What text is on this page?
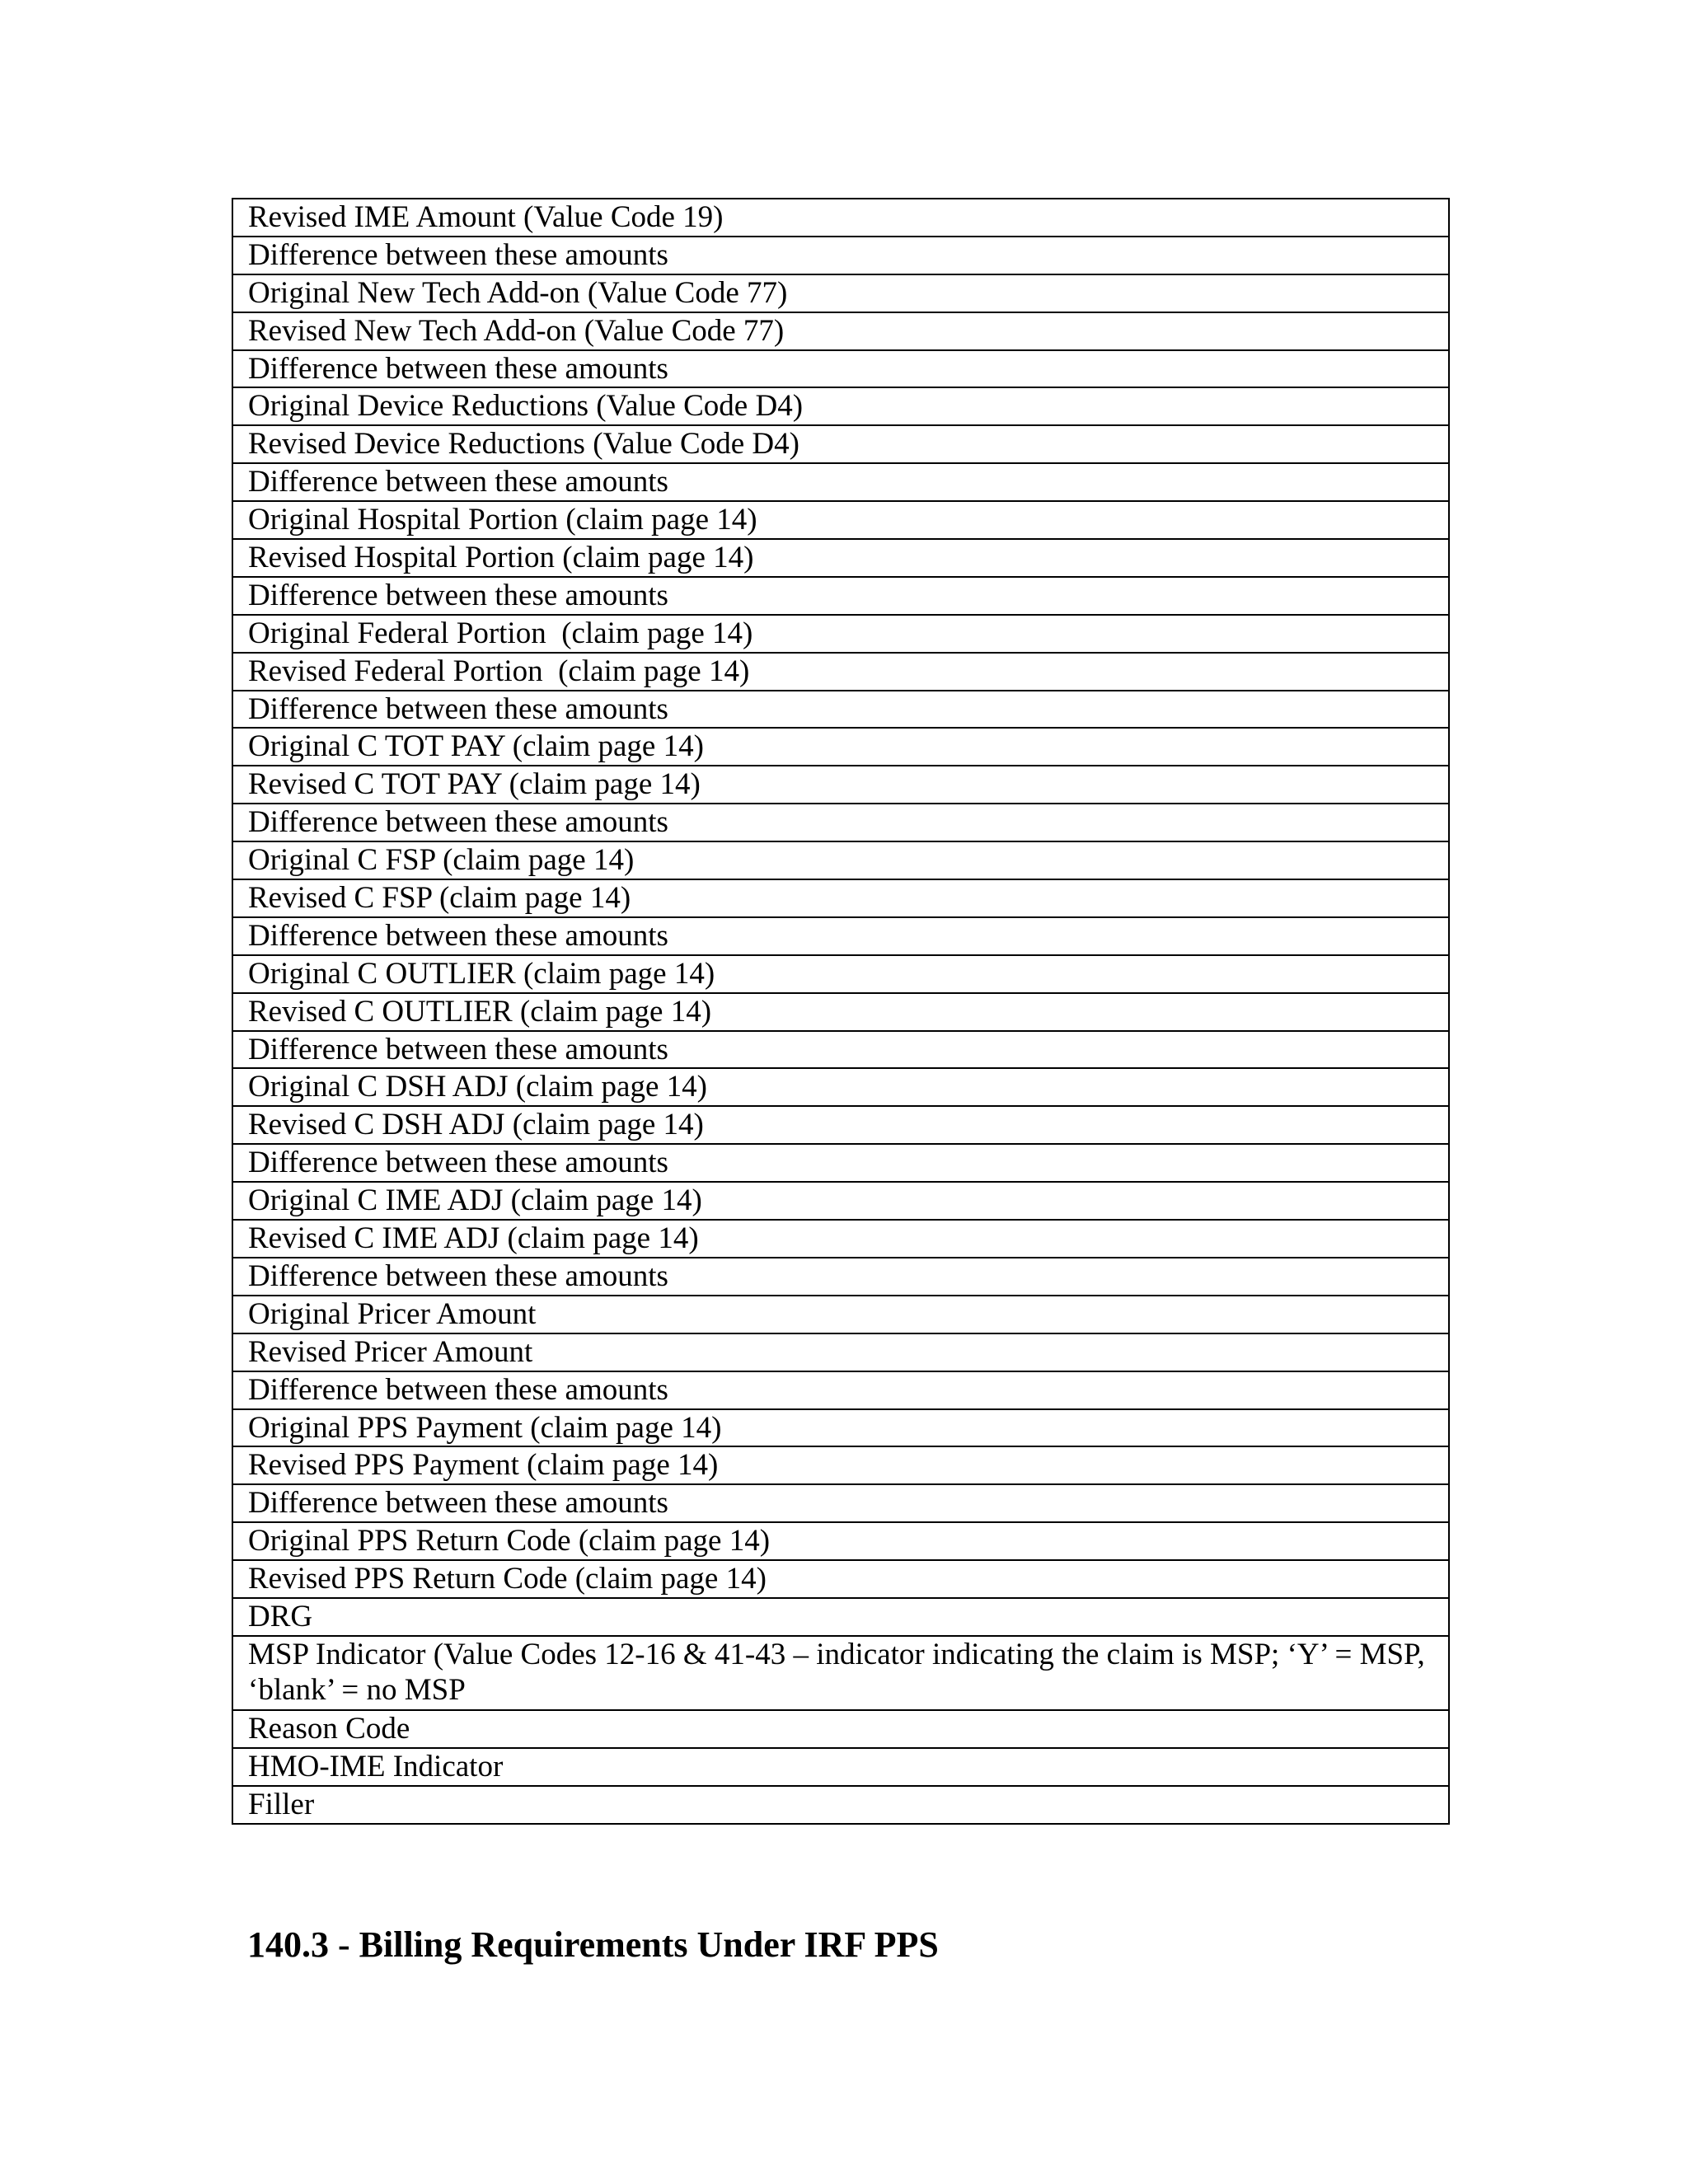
Revised IME Amount (Value Code 19)
Difference between these amounts
Original New Tech Add-on (Value Code 77)
Revised New Tech Add-on (Value Code 77)
Difference between these amounts
Original Device Reductions (Value Code D4)
Revised Device Reductions (Value Code D4)
Difference between these amounts
Original Hospital Portion (claim page 14)
Revised Hospital Portion (claim page 14)
Difference between these amounts
Original Federal Portion  (claim page 14)
Revised Federal Portion  (claim page 14)
Difference between these amounts
Original C TOT PAY (claim page 14)
Revised C TOT PAY (claim page 14)
Difference between these amounts
Original C FSP (claim page 14)
Revised C FSP (claim page 14)
Difference between these amounts
Original C OUTLIER (claim page 14)
Revised C OUTLIER (claim page 14)
Difference between these amounts
Original C DSH ADJ (claim page 14)
Revised C DSH ADJ (claim page 14)
Difference between these amounts
Original C IME ADJ (claim page 14)
Revised C IME ADJ (claim page 14)
Difference between these amounts
Original Pricer Amount
Revised Pricer Amount
Difference between these amounts
Original PPS Payment (claim page 14)
Revised PPS Payment (claim page 14)
Difference between these amounts
Original PPS Return Code (claim page 14)
Revised PPS Return Code (claim page 14)
DRG
MSP Indicator (Value Codes 12-16 & 41-43 – indicator indicating the claim is MSP; ‘Y’ = MSP, ‘blank’ = no MSP
Reason Code
HMO-IME Indicator
Filler
140.3 - Billing Requirements Under IRF PPS
